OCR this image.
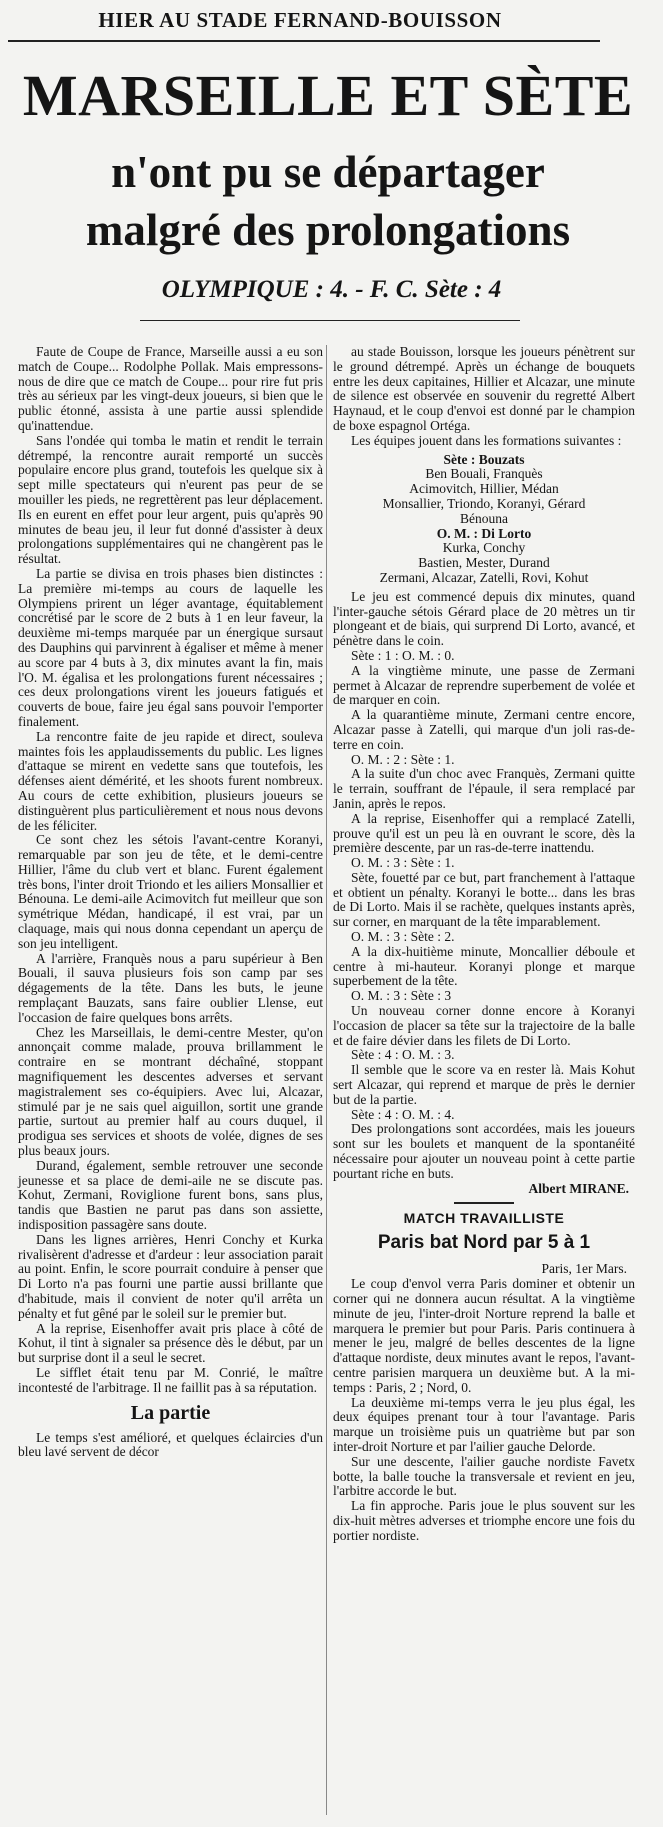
HIER AU STADE FERNAND-BOUISSON
MARSEILLE ET SÈTE
n'ont pu se départager
malgré des prolongations
OLYMPIQUE : 4. - F. C. Sète : 4

Faute de Coupe de France, Marseille aussi a eu son match de Coupe... Rodolphe Pollak. Mais empressons-nous de dire que ce match de Coupe... pour rire fut pris très au sérieux par les vingt-deux joueurs, si bien que le public étonné, assista à une partie aussi splendide qu'inattendue.

Sans l'ondée qui tomba le matin et rendit le terrain détrempé, la rencontre aurait remporté un succès populaire encore plus grand, toutefois les quelque six à sept mille spectateurs qui n'eurent pas peur de se mouiller les pieds, ne regrettèrent pas leur déplacement. Ils en eurent en effet pour leur argent, puis qu'après 90 minutes de beau jeu, il leur fut donné d'assister à deux prolongations supplémentaires qui ne changèrent pas le résultat.

La partie se divisa en trois phases bien distinctes : La première mi-temps au cours de laquelle les Olympiens prirent un léger avantage, équitablement concrétisé par le score de 2 buts à 1 en leur faveur, la deuxième mi-temps marquée par un énergique sursaut des Dauphins qui parvinrent à égaliser et même à mener au score par 4 buts à 3, dix minutes avant la fin, mais l'O. M. égalisa et les prolongations furent nécessaires ; ces deux prolongations virent les joueurs fatigués et couverts de boue, faire jeu égal sans pouvoir l'emporter finalement.

La rencontre faite de jeu rapide et direct, souleva maintes fois les applaudissements du public. Les lignes d'attaque se mirent en vedette sans que toutefois, les défenses aient démérité, et les shoots furent nombreux. Au cours de cette exhibition, plusieurs joueurs se distinguèrent plus particulièrement et nous nous devons de les féliciter.

Ce sont chez les sétois l'avant-centre Koranyi, remarquable par son jeu de tête, et le demi-centre Hillier, l'âme du club vert et blanc. Furent également très bons, l'inter droit Triondo et les ailiers Monsallier et Bénouna. Le demi-aile Acimovitch fut meilleur que son symétrique Médan, handicapé, il est vrai, par un claquage, mais qui nous donna cependant un aperçu de son jeu intelligent.

A l'arrière, Franquès nous a paru supérieur à Ben Bouali, il sauva plusieurs fois son camp par ses dégagements de la tête. Dans les buts, le jeune remplaçant Bauzats, sans faire oublier Llense, eut l'occasion de faire quelques bons arrêts.

Chez les Marseillais, le demi-centre Mester, qu'on annonçait comme malade, prouva brillamment le contraire en se montrant déchaîné, stoppant magnifiquement les descentes adverses et servant magistralement ses co-équipiers. Avec lui, Alcazar, stimulé par je ne sais quel aiguillon, sortit une grande partie, surtout au premier half au cours duquel, il prodigua ses services et shoots de volée, dignes de ses plus beaux jours.

Durand, également, semble retrouver une seconde jeunesse et sa place de demi-aile ne se discute pas. Kohut, Zermani, Roviglione furent bons, sans plus, tandis que Bastien ne parut pas dans son assiette, indisposition passagère sans doute.

Dans les lignes arrières, Henri Conchy et Kurka rivalisèrent d'adresse et d'ardeur : leur association parait au point. Enfin, le score pourrait conduire à penser que Di Lorto n'a pas fourni une partie aussi brillante que d'habitude, mais il convient de noter qu'il arrêta un pénalty et fut gêné par le soleil sur le premier but.

A la reprise, Eisenhoffer avait pris place à côté de Kohut, il tint à signaler sa présence dès le début, par un but surprise dont il a seul le secret.

Le sifflet était tenu par M. Conrié, le maître incontesté de l'arbitrage. Il ne faillit pas à sa réputation.

La partie

Le temps s'est amélioré, et quelques éclaircies d'un bleu lavé servent de décor

au stade Bouisson, lorsque les joueurs pénètrent sur le ground détrempé. Après un échange de bouquets entre les deux capitaines, Hillier et Alcazar, une minute de silence est observée en souvenir du regretté Albert Haynaud, et le coup d'envoi est donné par le champion de boxe espagnol Ortéga.

Les équipes jouent dans les formations suivantes :

Sète : Bouzats
Ben Bouali, Franquès
Acimovitch, Hillier, Médan
Monsallier, Triondo, Koranyi, Gérard
Bénouna
O. M. : Di Lorto
Kurka, Conchy
Bastien, Mester, Durand
Zermani, Alcazar, Zatelli, Rovi, Kohut

Le jeu est commencé depuis dix minutes, quand l'inter-gauche sétois Gérard place de 20 mètres un tir plongeant et de biais, qui surprend Di Lorto, avancé, et pénètre dans le coin.

Sète : 1 : O. M. : 0.

A la vingtième minute, une passe de Zermani permet à Alcazar de reprendre superbement de volée et de marquer en coin.

A la quarantième minute, Zermani centre encore, Alcazar passe à Zatelli, qui marque d'un joli ras-de-terre en coin.

O. M. : 2 : Sète : 1.

A la suite d'un choc avec Franquès, Zermani quitte le terrain, souffrant de l'épaule, il sera remplacé par Janin, après le repos.

A la reprise, Eisenhoffer qui a remplacé Zatelli, prouve qu'il est un peu là en ouvrant le score, dès la première descente, par un ras-de-terre inattendu.

O. M. : 3 : Sète : 1.

Sète, fouetté par ce but, part franchement à l'attaque et obtient un pénalty. Koranyi le botte... dans les bras de Di Lorto. Mais il se rachète, quelques instants après, sur corner, en marquant de la tête imparablement.

O. M. : 3 : Sète : 2.

A la dix-huitième minute, Moncallier déboule et centre à mi-hauteur. Koranyi plonge et marque superbement de la tête.

O. M. : 3 : Sète : 3

Un nouveau corner donne encore à Koranyi l'occasion de placer sa tête sur la trajectoire de la balle et de faire dévier dans les filets de Di Lorto.

Sète : 4 : O. M. : 3.

Il semble que le score va en rester là. Mais Kohut sert Alcazar, qui reprend et marque de près le dernier but de la partie.

Sète : 4 : O. M. : 4.

Des prolongations sont accordées, mais les joueurs sont sur les boulets et manquent de la spontanéité nécessaire pour ajouter un nouveau point à cette partie pourtant riche en buts.

Albert MIRANE.
MATCH TRAVAILLISTE
Paris bat Nord par 5 à 1
Paris, 1er Mars.

Le coup d'envol verra Paris dominer et obtenir un corner qui ne donnera aucun résultat. A la vingtième minute de jeu, l'inter-droit Norture reprend la balle et marquera le premier but pour Paris. Paris continuera à mener le jeu, malgré de belles descentes de la ligne d'attaque nordiste, deux minutes avant le repos, l'avant-centre parisien marquera un deuxième but. A la mi-temps : Paris, 2 ; Nord, 0.

La deuxième mi-temps verra le jeu plus égal, les deux équipes prenant tour à tour l'avantage. Paris marque un troisième puis un quatrième but par son inter-droit Norture et par l'ailier gauche Delorde.

Sur une descente, l'ailier gauche nordiste Favetx botte, la balle touche la transversale et revient en jeu, l'arbitre accorde le but.

La fin approche. Paris joue le plus souvent sur les dix-huit mètres adverses et triomphe encore une fois du portier nordiste.
